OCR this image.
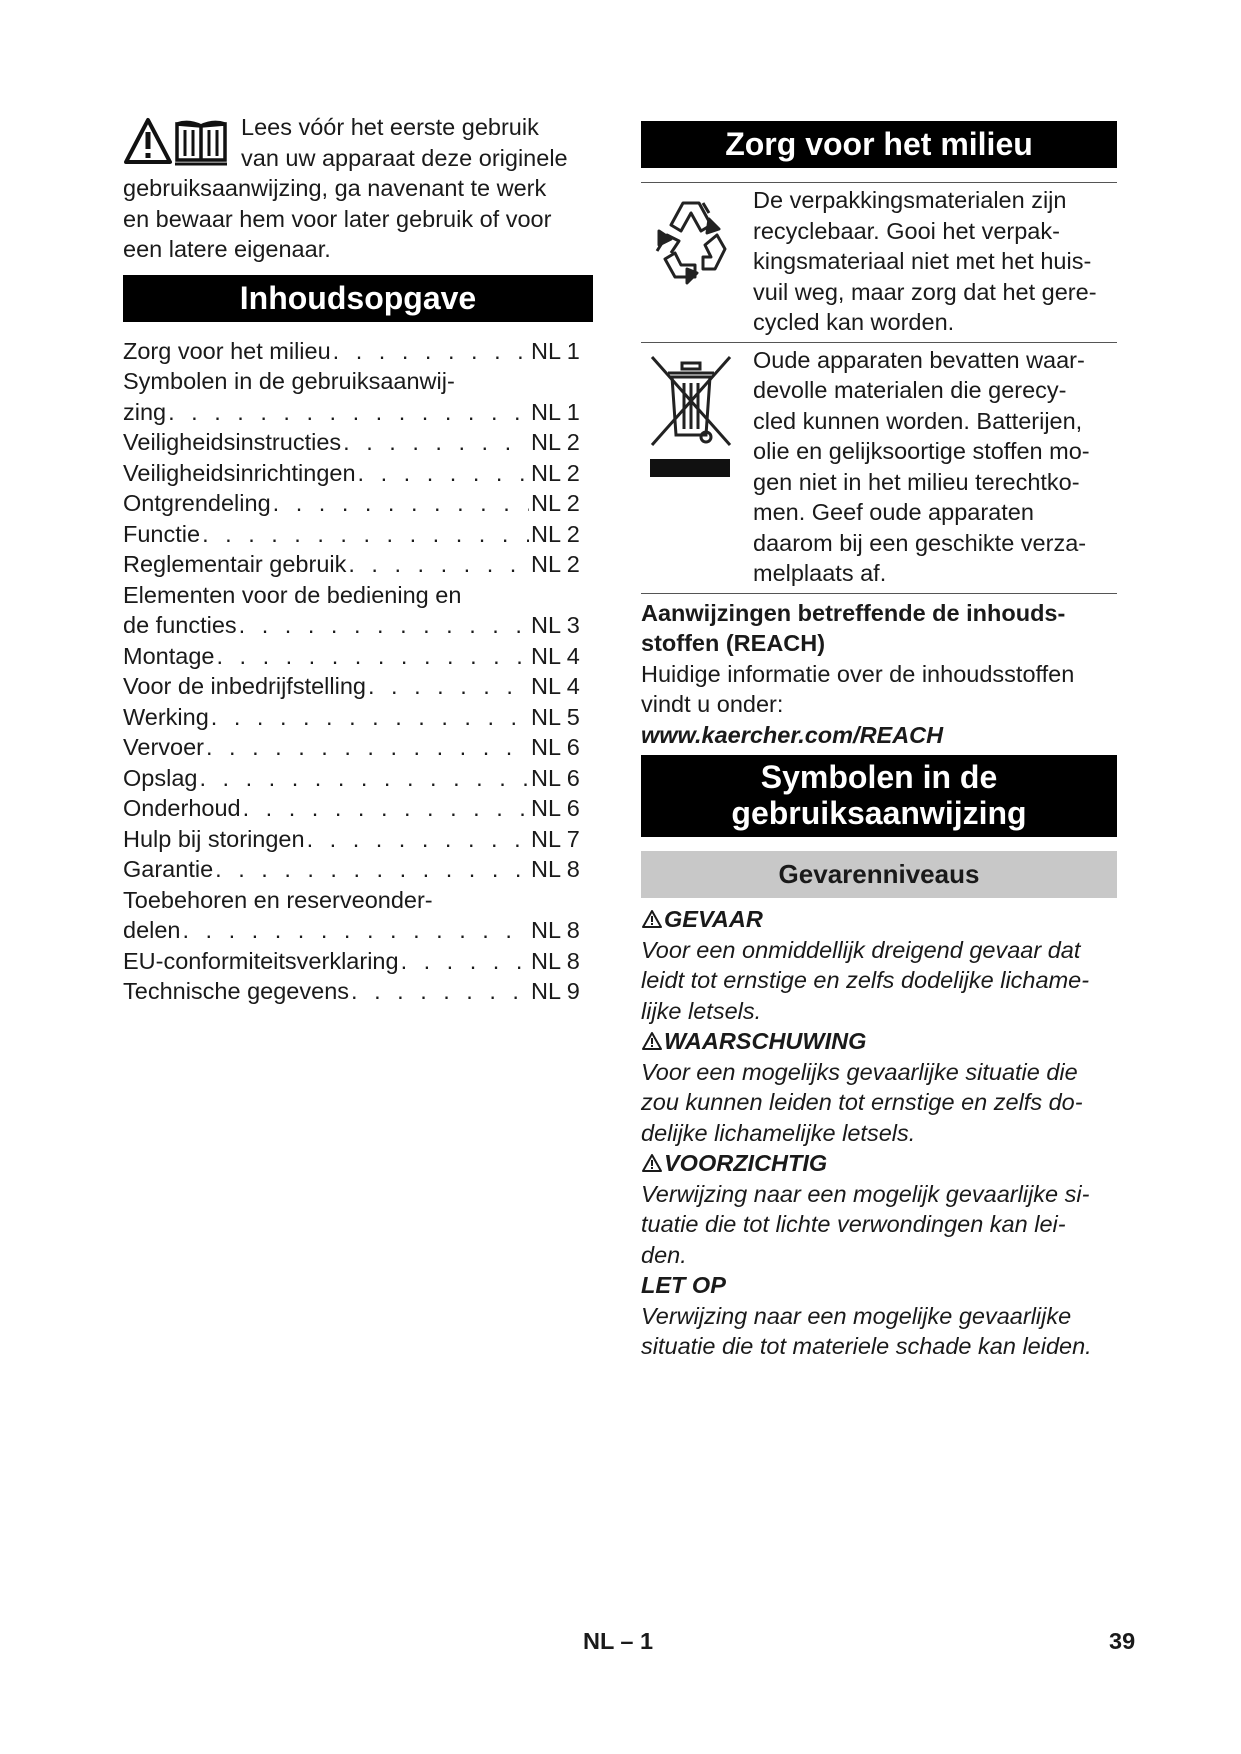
Lees vóór het eerste gebruik
van uw apparaat deze originele
gebruiksaanwijzing, ga navenant te werk
en bewaar hem voor later gebruik of voor
een latere eigenaar.
Inhoudsopgave
Zorg voor het milieu . . .	NL 1
Symbolen in de gebruiksaanwij-
zing . . .	NL 1
Veiligheidsinstructies . . .	NL 2
Veiligheidsinrichtingen . . .	NL 2
Ontgrendeling . . .	NL 2
Functie . . .	NL 2
Reglementair gebruik . . .	NL 2
Elementen voor de bediening en
de functies . . .	NL 3
Montage . . .	NL 4
Voor de inbedrijfstelling . . .	NL 4
Werking . . .	NL 5
Vervoer . . .	NL 6
Opslag . . .	NL 6
Onderhoud . . .	NL 6
Hulp bij storingen . . .	NL 7
Garantie . . .	NL 8
Toebehoren en reserveonder-
delen . . .	NL 8
EU-conformiteitsverklaring . . .	NL 8
Technische gegevens . . .	NL 9
Zorg voor het milieu
De verpakkingsmaterialen zijn
recyclebaar. Gooi het verpak-
kingsmateriaal niet met het huis-
vuil weg, maar zorg dat het gere-
cycled kan worden.
Oude apparaten bevatten waar-
devolle materialen die gerecy-
cled kunnen worden. Batterijen,
olie en gelijksoortige stoffen mo-
gen niet in het milieu terechtko-
men. Geef oude apparaten
daarom bij een geschikte verza-
melplaats af.
Aanwijzingen betreffende de inhouds-
stoffen (REACH)
Huidige informatie over de inhoudsstoffen
vindt u onder:
www.kaercher.com/REACH
Symbolen in de
gebruiksaanwijzing
Gevarenniveaus
GEVAAR
Voor een onmiddellijk dreigend gevaar dat
leidt tot ernstige en zelfs dodelijke lichame-
lijke letsels.
WAARSCHUWING
Voor een mogelijks gevaarlijke situatie die
zou kunnen leiden tot ernstige en zelfs do-
delijke lichamelijke letsels.
VOORZICHTIG
Verwijzing naar een mogelijk gevaarlijke si-
tuatie die tot lichte verwondingen kan lei-
den.
LET OP
Verwijzing naar een mogelijke gevaarlijke
situatie die tot materiele schade kan leiden.
NL – 1	39
